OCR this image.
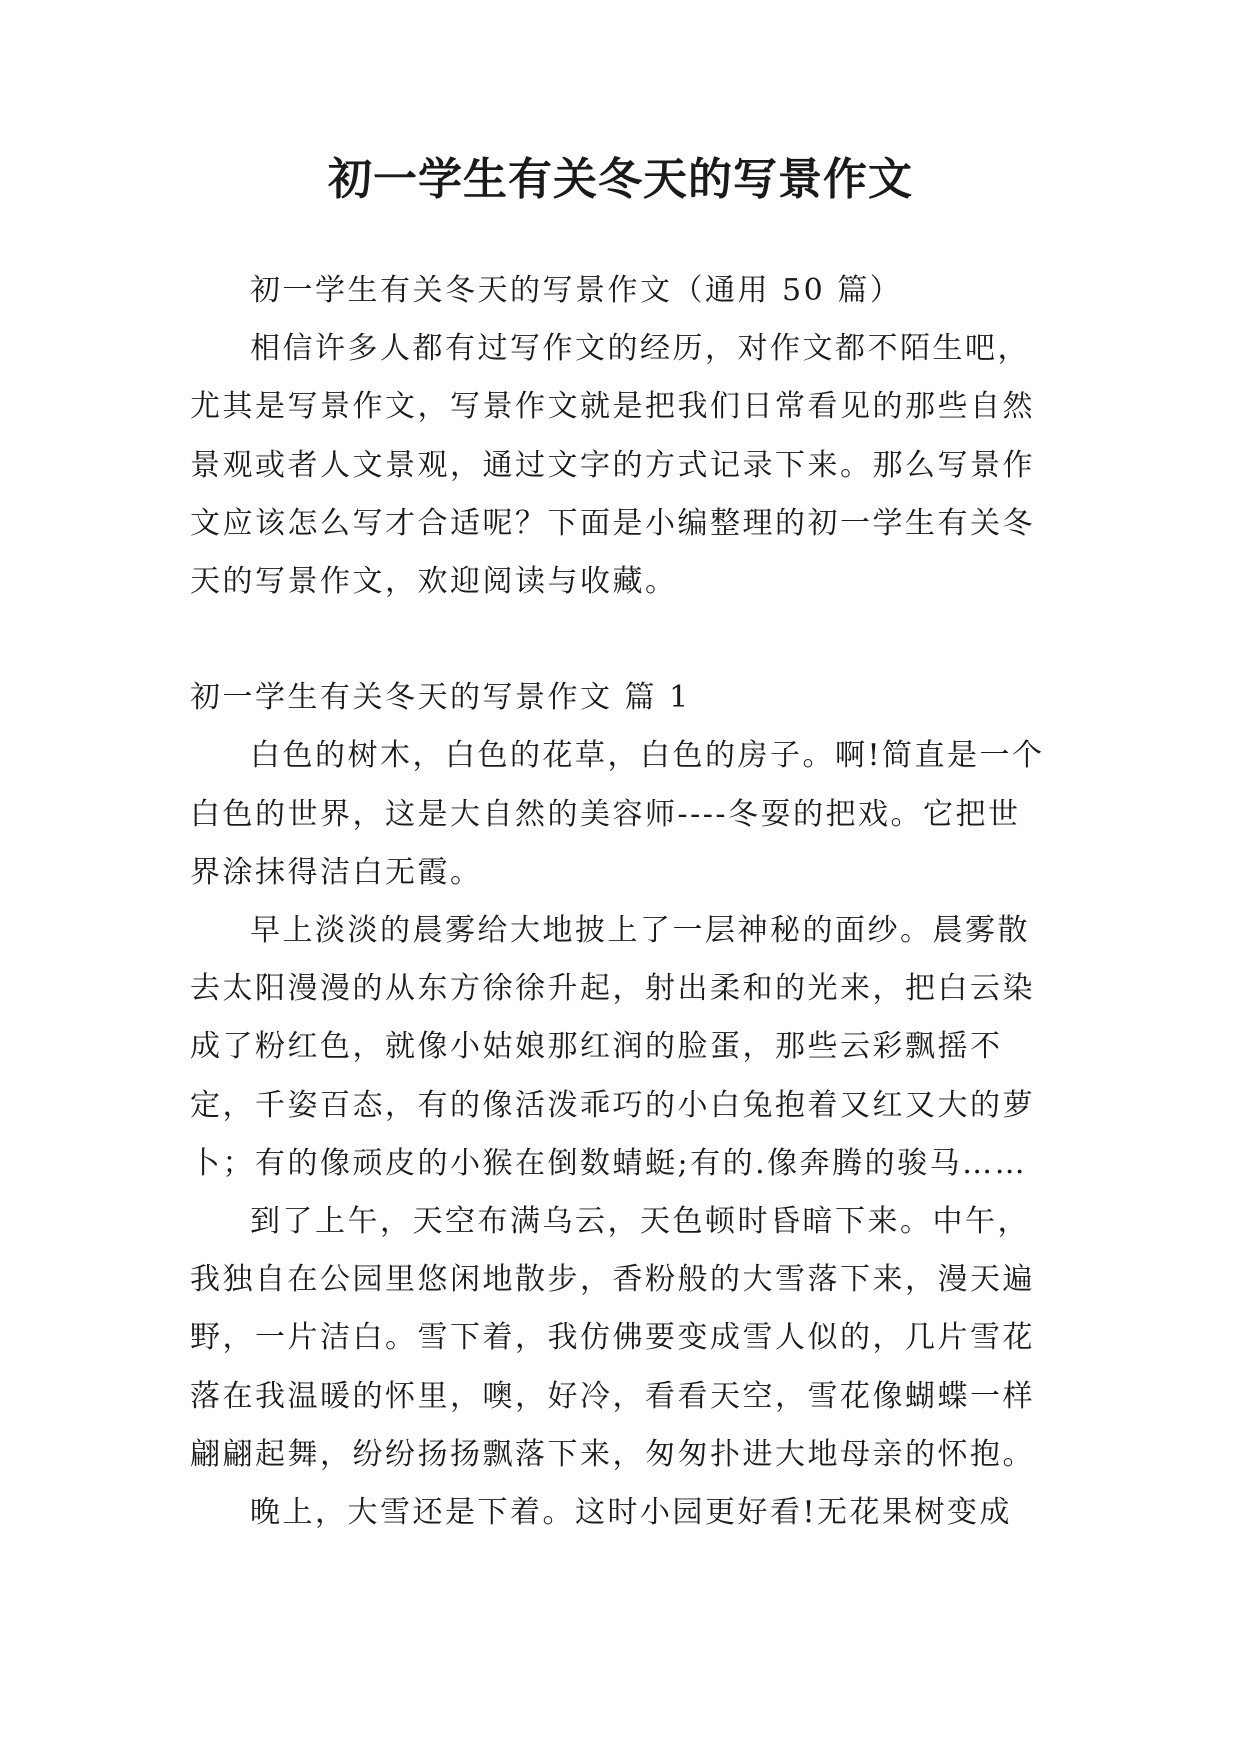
初一学生有关冬天的写景作文

初一学生有关冬天的写景作文（通用 50 篇）

相信许多人都有过写作文的经历，对作文都不陌生吧，尤其是写景作文，写景作文就是把我们日常看见的那些自然景观或者人文景观，通过文字的方式记录下来。那么写景作文应该怎么写才合适呢？下面是小编整理的初一学生有关冬天的写景作文，欢迎阅读与收藏。

初一学生有关冬天的写景作文 篇 1

白色的树木，白色的花草，白色的房子。啊!简直是一个白色的世界，这是大自然的美容师----冬耍的把戏。它把世界涂抹得洁白无霞。

早上淡淡的晨雾给大地披上了一层神秘的面纱。晨雾散去太阳漫漫的从东方徐徐升起，射出柔和的光来，把白云染成了粉红色，就像小姑娘那红润的脸蛋，那些云彩飘摇不定，千姿百态，有的像活泼乖巧的小白兔抱着又红又大的萝卜；有的像顽皮的小猴在倒数蜻蜓;有的.像奔腾的骏马……

到了上午，天空布满乌云，天色顿时昏暗下来。中午，我独自在公园里悠闲地散步，香粉般的大雪落下来，漫天遍野，一片洁白。雪下着，我仿佛要变成雪人似的，几片雪花落在我温暖的怀里，噢，好冷，看看天空，雪花像蝴蝶一样翩翩起舞，纷纷扬扬飘落下来，匆匆扑进大地母亲的怀抱。

晚上，大雪还是下着。这时小园更好看!无花果树变成
